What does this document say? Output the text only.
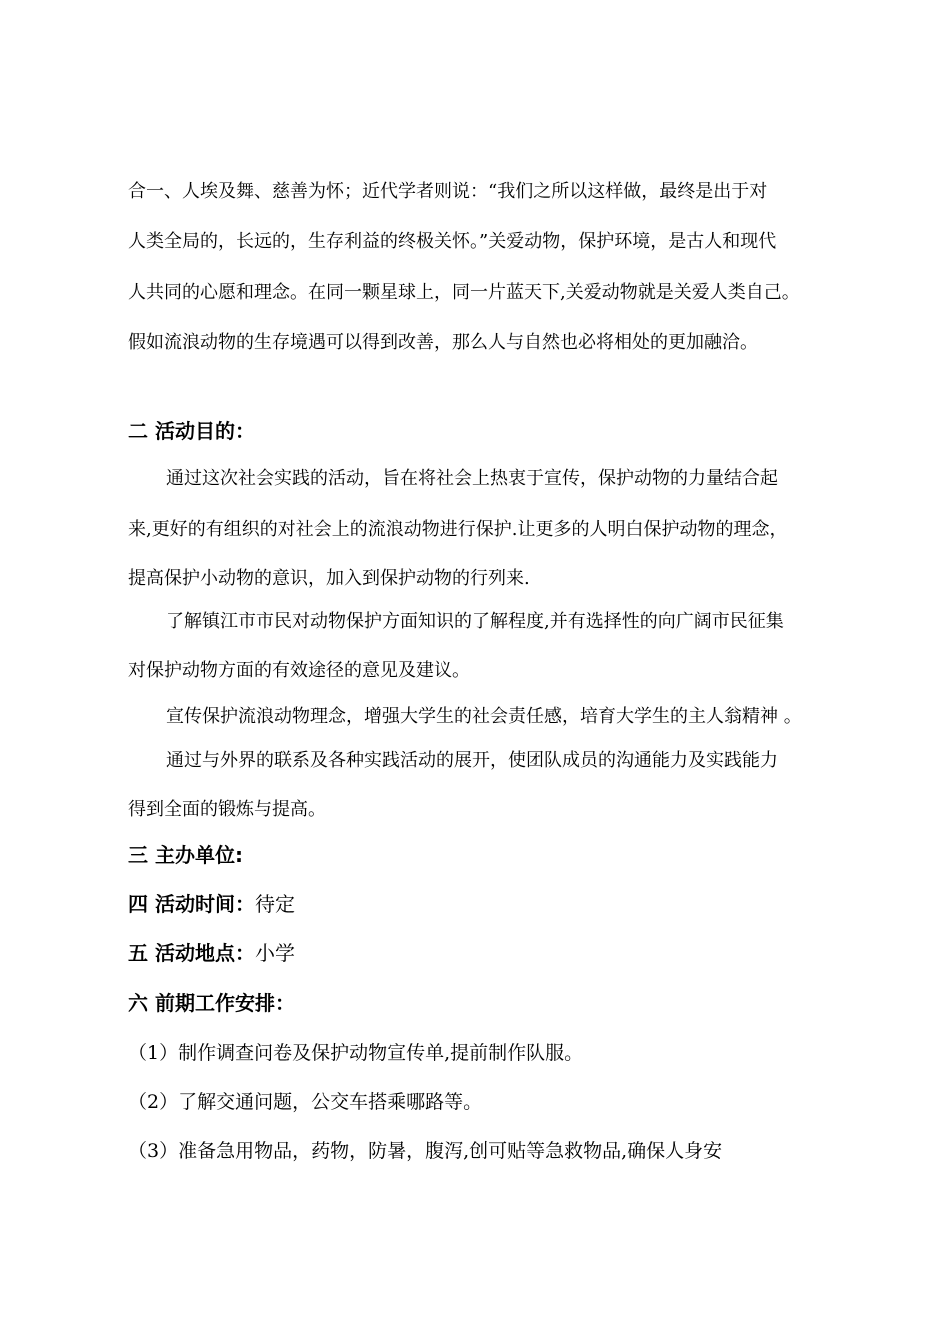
合一、人埃及舞、慈善为怀；近代学者则说：“我们之所以这样做，最终是出于对
人类全局的，长远的，生存利益的终极关怀。”关爱动物，保护环境，是古人和现代
人共同的心愿和理念。在同一颗星球上，同一片蓝天下,关爱动物就是关爱人类自己。
假如流浪动物的生存境遇可以得到改善，那么人与自然也必将相处的更加融洽。
二 活动目的：
通过这次社会实践的活动，旨在将社会上热衷于宣传，保护动物的力量结合起
来,更好的有组织的对社会上的流浪动物进行保护.让更多的人明白保护动物的理念，
提高保护小动物的意识，加入到保护动物的行列来.
了解镇江市市民对动物保护方面知识的了解程度,并有选择性的向广阔市民征集
对保护动物方面的有效途径的意见及建议。
宣传保护流浪动物理念，增强大学生的社会责任感，培育大学生的主人翁精神 。
通过与外界的联系及各种实践活动的展开，使团队成员的沟通能力及实践能力
得到全面的锻炼与提高。
三 主办单位:
四 活动时间：待定
五 活动地点：小学
六 前期工作安排：
（1）制作调查问卷及保护动物宣传单,提前制作队服。
（2）了解交通问题，公交车搭乘哪路等。
（3）准备急用物品，药物，防暑，腹泻,创可贴等急救物品,确保人身安
